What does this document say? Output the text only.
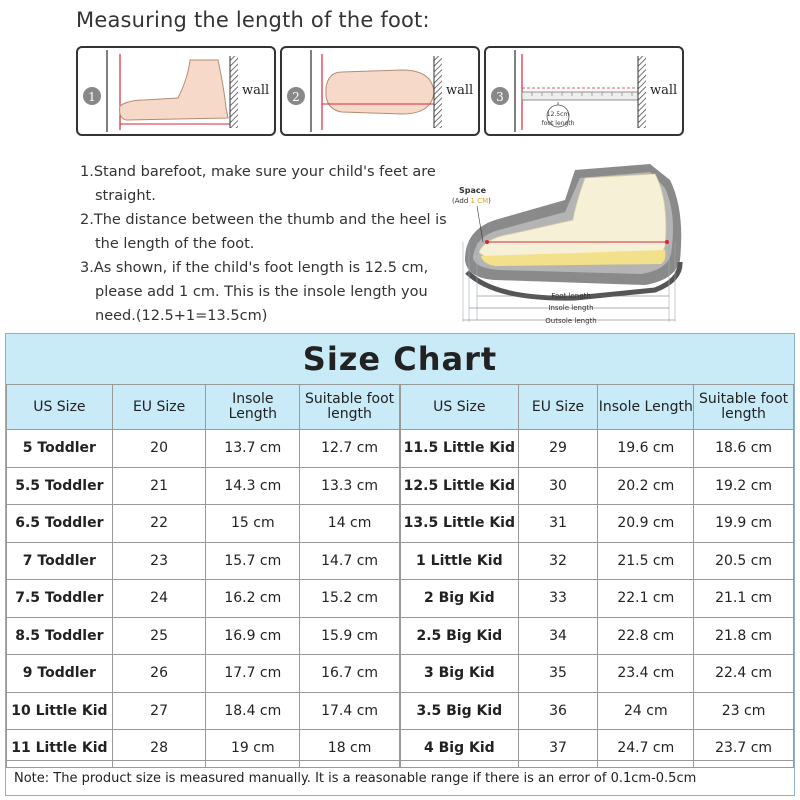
Measuring the length of the foot:
1	wall 2	wall 3
12.5cm
foot length
wall

1.Stand barefoot, make sure your child's feet are straight.

2.The distance between the thumb and the heel is the length of the foot.

3.As shown, if the child's foot length is 12.5 cm, please add 1 cm. This is the insole length you need.(12.5+1=13.5cm)

Space
(Add 1 CM)
Foot length
Insole length
Outsole length
Size Chart
US Size	EU Size	Insole Length	Suitable foot length
5 Toddler	20	13.7 cm	12.7 cm
5.5 Toddler	21	14.3 cm	13.3 cm
6.5 Toddler	22	15 cm	14 cm
7 Toddler	23	15.7 cm	14.7 cm
7.5 Toddler	24	16.2 cm	15.2 cm
8.5 Toddler	25	16.9 cm	15.9 cm
9 Toddler	26	17.7 cm	16.7 cm
10 Little Kid	27	18.4 cm	17.4 cm
11 Little Kid	28	19 cm	18 cm
US Size	EU Size	Insole Length	Suitable foot length
11.5 Little Kid	29	19.6 cm	18.6 cm
12.5 Little Kid	30	20.2 cm	19.2 cm
13.5 Little Kid	31	20.9 cm	19.9 cm
1 Little Kid	32	21.5 cm	20.5 cm
2 Big Kid	33	22.1 cm	21.1 cm
2.5 Big Kid	34	22.8 cm	21.8 cm
3 Big Kid	35	23.4 cm	22.4 cm
3.5 Big Kid	36	24 cm	23 cm
4 Big Kid	37	24.7 cm	23.7 cm
Note: The product size is measured manually. It is a reasonable range if there is an error of 0.1cm-0.5cm
